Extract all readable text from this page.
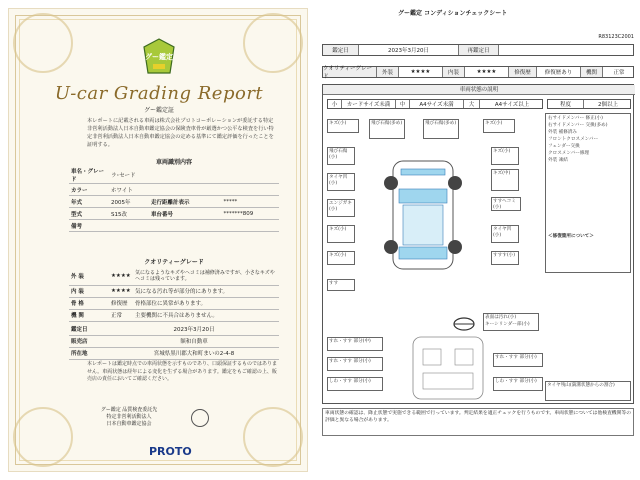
グー鑑定
U-car Grading Report
グー鑑定証
本レポートに記載される車両は株式会社プロトコーポレーションが委託する特定非営利活動法人日本自動車鑑定協会の保険査車骨が厳選かつ公平な検査を行い特定非営利活動法人日本自動車鑑定協会の定める基準にて鑑定評価を行ったことを証明する。
車両識別内容
車名・グレード	ラ･セード		
カラー	ホワイト		
年式	2005年	走行距離計表示	*****
型式	S15改	車台番号	*******809
備考			
クオリティーグレード
外 装	★★★★	気になるようなキズやヘコミは補修済みですが、小さなキズやヘコミは残っています。
内 装	★★★★	気になる汚れ等が部分的にあります。
骨 格	修復歴	骨格部位に異常があります。
機 関	正常	主要機関に不具合はありません。
鑑定日	2023年3月20日
販売店	額和自動車
所在地	宮城県黒川郡大和町まいの2-4-8
本レポートは鑑定時点での車両状態を示すものであり、口頭保証するものではありません。車両状態は経年による変化を生ずる場合があります。鑑定をもご確認の上、販売店の責任においてご確認ください。
グー鑑定 品質検査委託先
特定非営利活動法人
日本自動車鑑定協会
PROTO
グー鑑定 コンディションチェックシート
R83123C2001
鑑定日	2023年3月20日	再鑑定日
クオリティーグレード
外装	★★★★	内装	★★★★	修復歴	修復歴あり	機関	正常
車両状態の説明
小	カードサイズ未満	中	A4サイズ未満	大	A4サイズ以上	程度	2個以上
キズ(小)	飛び石傷(多め)	飛び石傷(多め)	キズ(小)
飛び石傷(小)
キズ(小)
タイヤ凹(小)
キズ(中)
すすヘコミ(小)
エンジガキ(小)
キズ(小)	タイヤ凹(小)
キズ(小)	すすす(小)
すす
右サイドメンバー 修正(小)
右サイドメンバー 交換(多め)
外装 補修済み
フロントクロスメンバー
フェンダー交換
クロスメンバー修理
外装 凍結
＜修復箇所について＞
すれ・すす 部分(中)
すれ・すす 部分(小)
しわ・すす 部分(小)
表面は汚れ(小)
キーシリンダー部(小)
すれ・すす 部分(小)
しわ・すす 部分(小)
タイヤ残山(満溝状態からの割合)
車両状態の確認は、降止状態で実施できる範囲で行っています。判定結果を適正チェックを行うものです。車両状態については他検査機関等の評価と異なる場合があります。
